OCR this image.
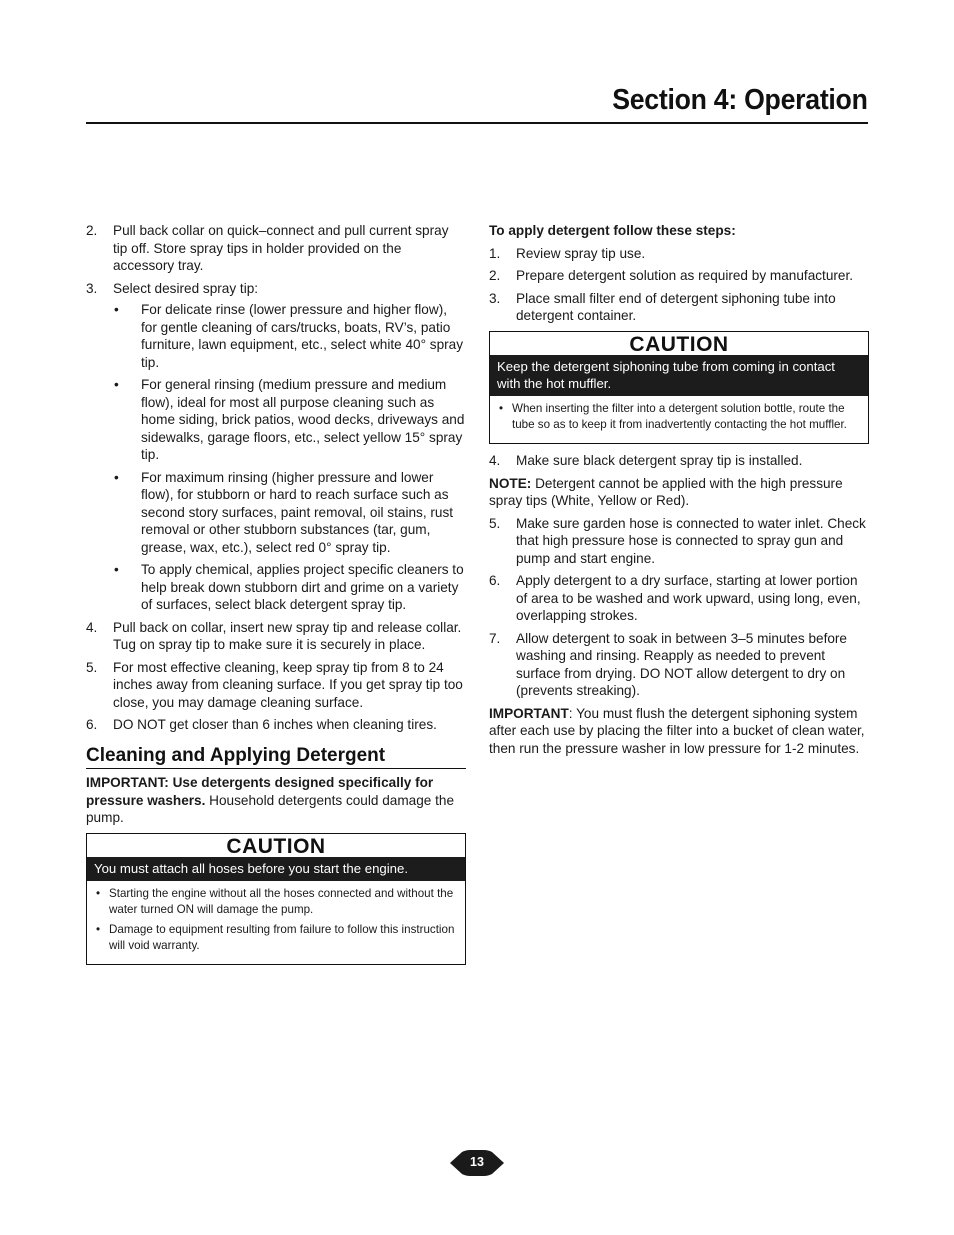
Section 4: Operation
2. Pull back collar on quick–connect and pull current spray tip off. Store spray tips in holder provided on the accessory tray.
3. Select desired spray tip:
• For delicate rinse (lower pressure and higher flow), for gentle cleaning of cars/trucks, boats, RV’s, patio furniture, lawn equipment, etc., select white 40° spray tip.
• For general rinsing (medium pressure and medium flow), ideal for most all purpose cleaning such as home siding, brick patios, wood decks, driveways and sidewalks, garage floors, etc., select yellow 15° spray tip.
• For maximum rinsing (higher pressure and lower flow), for stubborn or hard to reach surface such as second story surfaces, paint removal, oil stains, rust removal or other stubborn substances (tar, gum, grease, wax, etc.), select red 0° spray tip.
• To apply chemical, applies project specific cleaners to help break down stubborn dirt and grime on a variety of surfaces, select black detergent spray tip.
4. Pull back on collar, insert new spray tip and release collar. Tug on spray tip to make sure it is securely in place.
5. For most effective cleaning, keep spray tip from 8 to 24 inches away from cleaning surface. If you get spray tip too close, you may damage cleaning surface.
6. DO NOT get closer than 6 inches when cleaning tires.
Cleaning and Applying Detergent

IMPORTANT: Use detergents designed specifically for pressure washers. Household detergents could damage the pump.

CAUTION
You must attach all hoses before you start the engine.
• Starting the engine without all the hoses connected and without the water turned ON will damage the pump.
• Damage to equipment resulting from failure to follow this instruction will void warranty.

To apply detergent follow these steps:

1. Review spray tip use.
2. Prepare detergent solution as required by manufacturer.
3. Place small filter end of detergent siphoning tube into detergent container.
CAUTION
Keep the detergent siphoning tube from coming in contact with the hot muffler.
• When inserting the filter into a detergent solution bottle, route the tube so as to keep it from inadvertently contacting the hot muffler.
4. Make sure black detergent spray tip is installed.

NOTE: Detergent cannot be applied with the high pressure spray tips (White, Yellow or Red).

5. Make sure garden hose is connected to water inlet. Check that high pressure hose is connected to spray gun and pump and start engine.
6. Apply detergent to a dry surface, starting at lower portion of area to be washed and work upward, using long, even, overlapping strokes.
7. Allow detergent to soak in between 3–5 minutes before washing and rinsing. Reapply as needed to prevent surface from drying. DO NOT allow detergent to dry on (prevents streaking).

IMPORTANT: You must flush the detergent siphoning system after each use by placing the filter into a bucket of clean water, then run the pressure washer in low pressure for 1-2 minutes.

13
